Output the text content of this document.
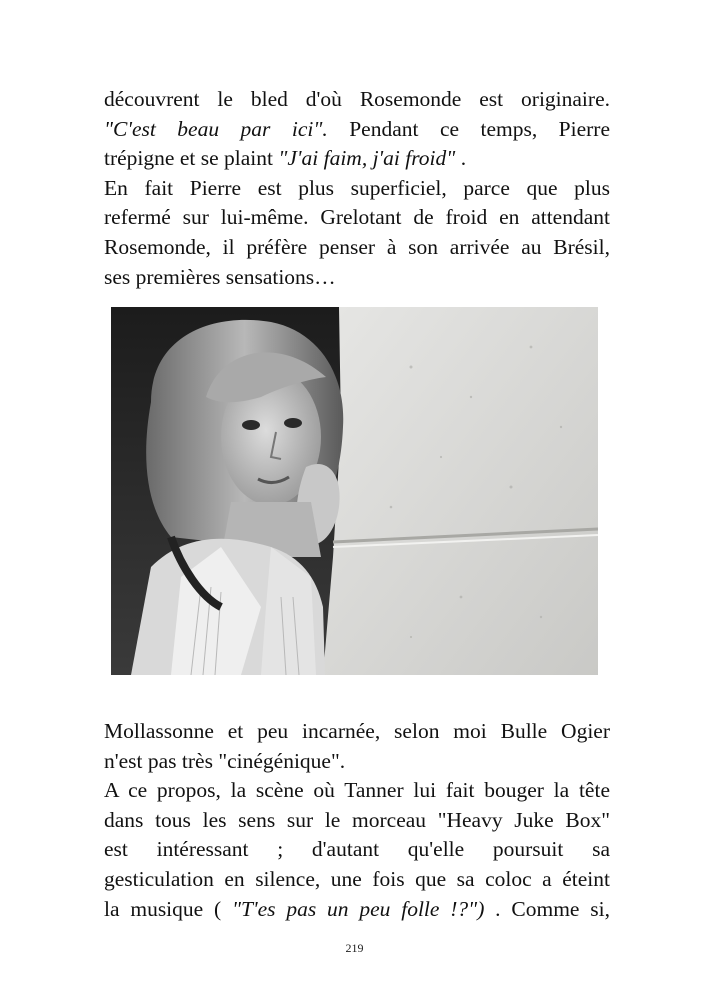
découvrent le bled d'où Rosemonde est originaire.
"C'est beau par ici". Pendant ce temps, Pierre
trépigne et se plaint "J'ai faim, j'ai froid" .
En fait Pierre est plus superficiel, parce que plus
refermé sur lui-même. Grelotant de froid en attendant
Rosemonde, il préfère penser à son arrivée au Brésil,
ses premières sensations…
Mollassonne et peu incarnée, selon moi Bulle Ogier
n'est pas très "cinégénique".
A ce propos, la scène où Tanner lui fait bouger la tête
dans tous les sens sur le morceau "Heavy Juke Box"
est intéressant ; d'autant qu'elle poursuit sa
gesticulation en silence, une fois que sa coloc a éteint
la musique ( "T'es pas un peu folle !?") . Comme si,
219
